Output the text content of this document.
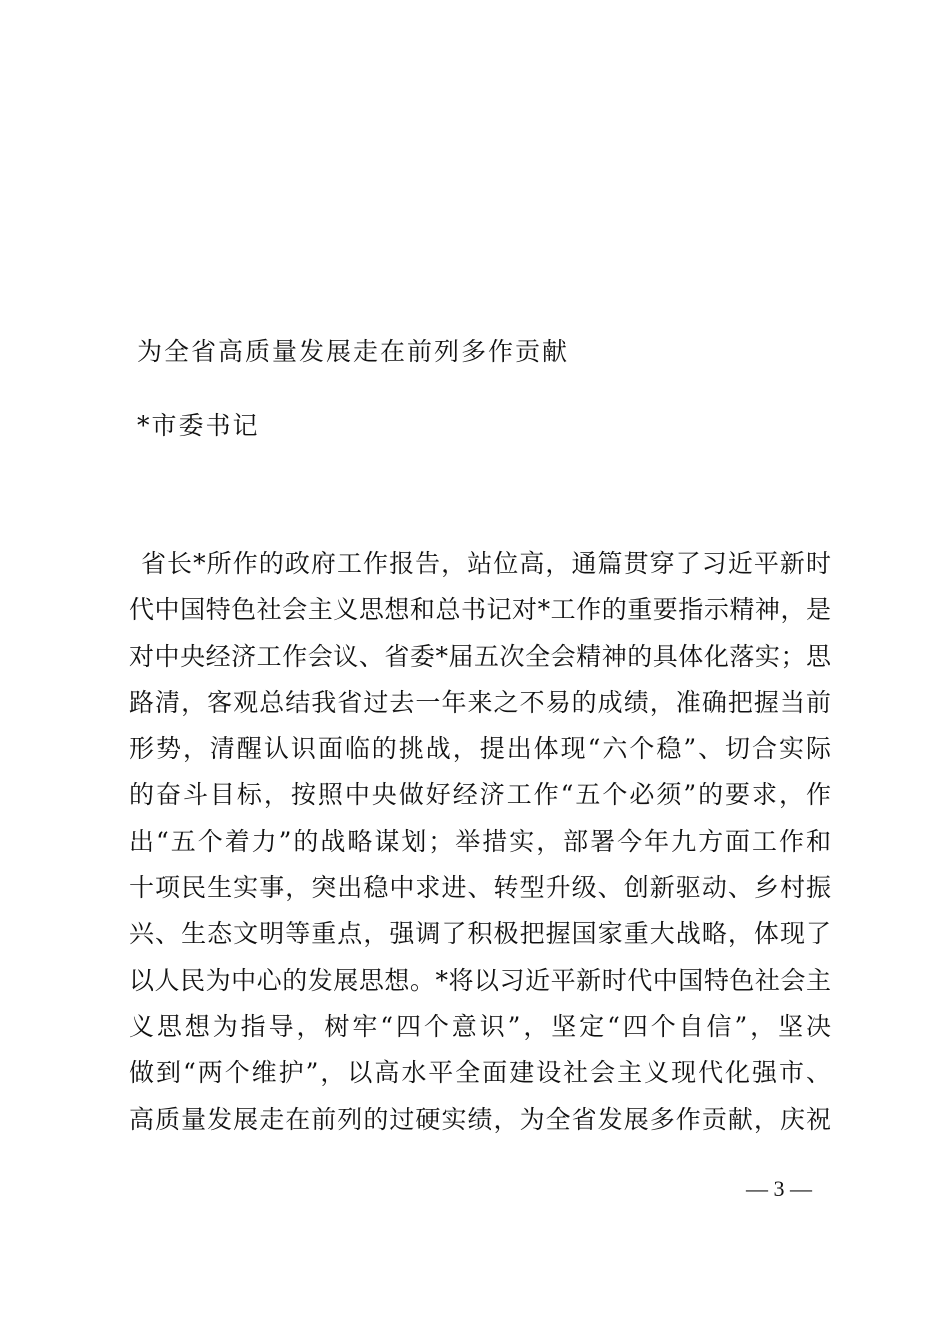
为全省高质量发展走在前列多作贡献
*市委书记
省长*所作的政府工作报告，站位高，通篇贯穿了习近平新时
代中国特色社会主义思想和总书记对*工作的重要指示精神，是
对中央经济工作会议、省委*届五次全会精神的具体化落实；思
路清，客观总结我省过去一年来之不易的成绩，准确把握当前
形势，清醒认识面临的挑战，提出体现“六个稳”、切合实际
的奋斗目标，按照中央做好经济工作“五个必须”的要求，作
出“五个着力”的战略谋划；举措实，部署今年九方面工作和
十项民生实事，突出稳中求进、转型升级、创新驱动、乡村振
兴、生态文明等重点，强调了积极把握国家重大战略，体现了
以人民为中心的发展思想。*将以习近平新时代中国特色社会主
义思想为指导，树牢“四个意识”，坚定“四个自信”，坚决
做到“两个维护”，以高水平全面建设社会主义现代化强市、
高质量发展走在前列的过硬实绩，为全省发展多作贡献，庆祝
— 3 —
